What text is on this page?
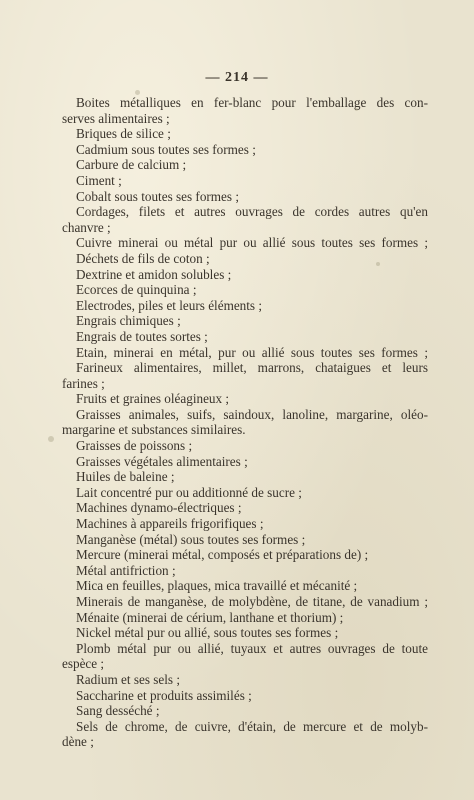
— 214 —
Boites métalliques en fer-blanc pour l'emballage des con-
serves alimentaires ;
Briques de silice ;
Cadmium sous toutes ses formes ;
Carbure de calcium ;
Ciment ;
Cobalt sous toutes ses formes ;
Cordages, filets et autres ouvrages de cordes autres qu'en
chanvre ;
Cuivre minerai ou métal pur ou allié sous toutes ses formes ;
Déchets de fils de coton ;
Dextrine et amidon solubles ;
Ecorces de quinquina ;
Electrodes, piles et leurs éléments ;
Engrais chimiques ;
Engrais de toutes sortes ;
Etain, minerai en métal, pur ou allié sous toutes ses formes ;
Farineux alimentaires, millet, marrons, chataigues et leurs
farines ;
Fruits et graines oléagineux ;
Graisses animales, suifs, saindoux, lanoline, margarine, oléo-
margarine et substances similaires.
Graisses de poissons ;
Graisses végétales alimentaires ;
Huiles de baleine ;
Lait concentré pur ou additionné de sucre ;
Machines dynamo-électriques ;
Machines à appareils frigorifiques ;
Manganèse (métal) sous toutes ses formes ;
Mercure (minerai métal, composés et préparations de) ;
Métal antifriction ;
Mica en feuilles, plaques, mica travaillé et mécanité ;
Minerais de manganèse, de molybdène, de titane, de vanadium ;
Ménaite (minerai de cérium, lanthane et thorium) ;
Nickel métal pur ou allié, sous toutes ses formes ;
Plomb métal pur ou allié, tuyaux et autres ouvrages de toute
espèce ;
Radium et ses sels ;
Saccharine et produits assimilés ;
Sang desséché ;
Sels de chrome, de cuivre, d'étain, de mercure et de molyb-
dène ;
